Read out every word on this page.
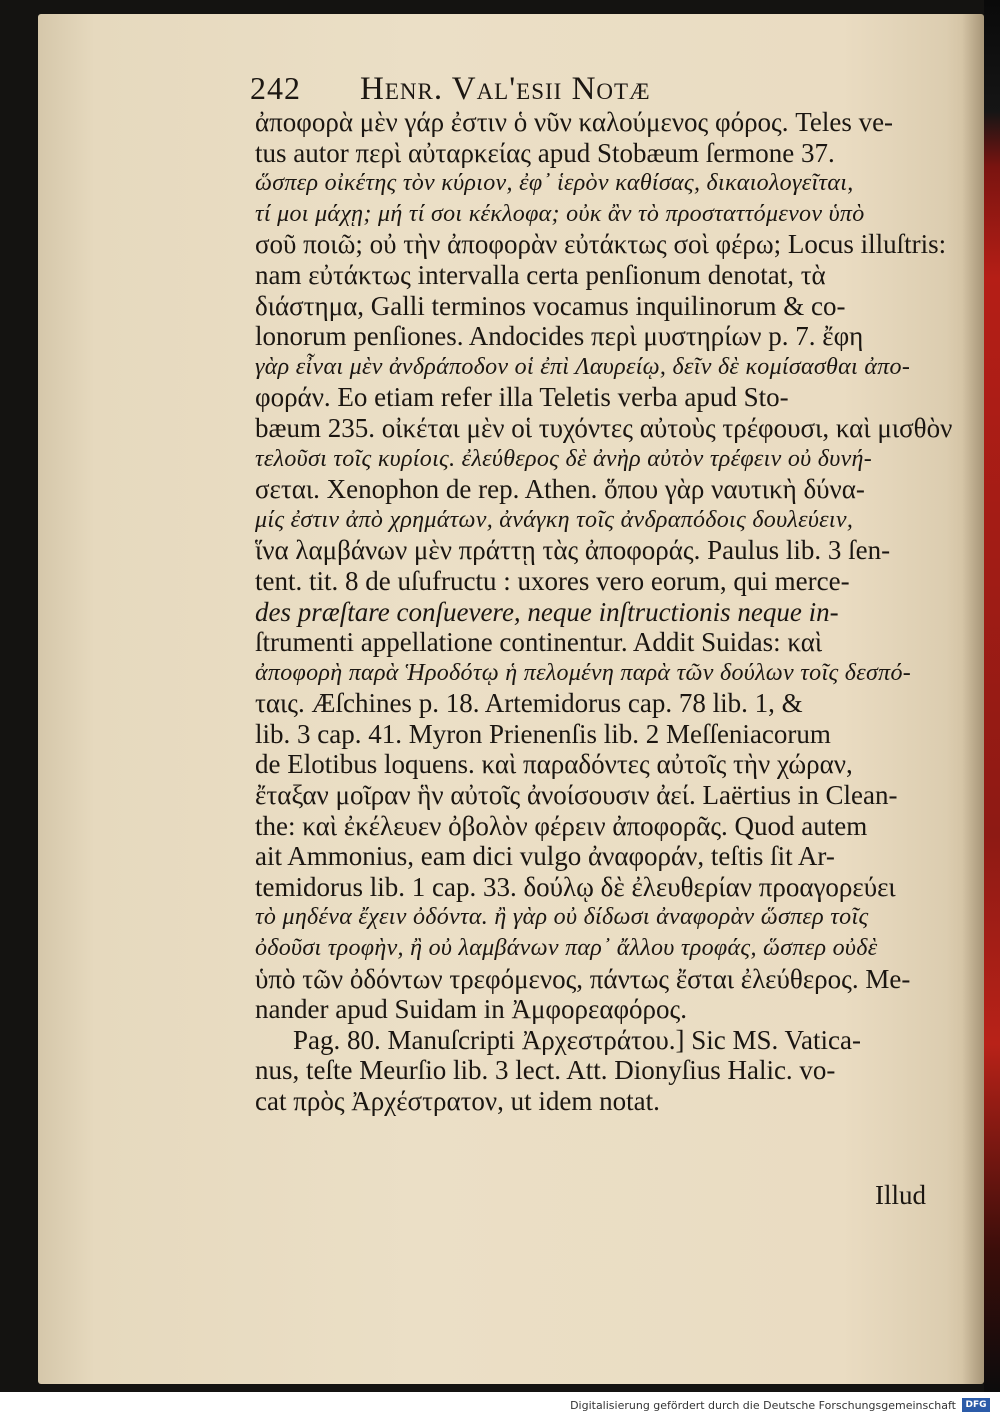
242	Henr. Val'esii Notæ
ἀποφορὰ μὲν γάρ ἐστιν ὁ νῦν καλούμενος φόρος. Teles ve-
tus autor περὶ αὐταρκείας apud Stobæum ſermone 37.
ὥσπερ οἰκέτης τὸν κύριον, ἐφ᾽ ἱερὸν καθίσας, δικαιολογεῖται,
τί μοι μάχῃ; μή τί σοι κέκλοφα; οὐκ ἂν τὸ προσταττόμενον ὑπὸ
σοῦ ποιῶ; οὐ τὴν ἀποφορὰν εὐτάκτως σοὶ φέρω; Locus illuſtris:
nam εὐτάκτως intervalla certa penſionum denotat, τὰ
διάστημα, Galli terminos vocamus inquilinorum & co-
lonorum penſiones. Andocides περὶ μυστηρίων p. 7. ἔφη
γὰρ εἶναι μὲν ἀνδράποδον οἱ ἐπὶ Λαυρείῳ, δεῖν δὲ κομίσασθαι ἀπο-
φοράν. Eo etiam refer illa Teletis verba apud Sto-
bæum 235. οἰκέται μὲν οἱ τυχόντες αὐτοὺς τρέφουσι, καὶ μισθὸν
τελοῦσι τοῖς κυρίοις. ἐλεύθερος δὲ ἀνὴρ αὐτὸν τρέφειν οὐ δυνή-
σεται. Xenophon de rep. Athen. ὅπου γὰρ ναυτικὴ δύνα-
μίς ἐστιν ἀπὸ χρημάτων, ἀνάγκη τοῖς ἀνδραπόδοις δουλεύειν,
ἵνα λαμβάνων μὲν πράττῃ τὰς ἀποφοράς. Paulus lib. 3 ſen-
tent. tit. 8 de uſufructu : uxores vero eorum, qui merce-
des præſtare conſuevere, neque inſtructionis neque in-
ſtrumenti appellatione continentur. Addit Suidas: καὶ
ἀποφορὴ παρὰ Ἡροδότῳ ἡ πελομένη παρὰ τῶν δούλων τοῖς δεσπό-
ταις. Æſchines p. 18. Artemidorus cap. 78 lib. 1, &
lib. 3 cap. 41. Myron Prienenſis lib. 2 Meſſeniacorum
de Elotibus loquens. καὶ παραδόντες αὐτοῖς τὴν χώραν,
ἔταξαν μοῖραν ἣν αὐτοῖς ἀνοίσουσιν ἀεί. Laërtius in Clean-
the: καὶ ἐκέλευεν ὀβολὸν φέρειν ἀποφορᾶς. Quod autem
ait Ammonius, eam dici vulgo ἀναφοράν, teſtis ſit Ar-
temidorus lib. 1 cap. 33. δούλῳ δὲ ἐλευθερίαν προαγορεύει
τὸ μηδένα ἔχειν ὀδόντα. ἢ γὰρ οὐ δίδωσι ἀναφορὰν ὥσπερ τοῖς
ὀδοῦσι τροφὴν, ἢ οὐ λαμβάνων παρ᾽ ἄλλου τροφάς, ὥσπερ οὐδὲ
ὑπὸ τῶν ὀδόντων τρεφόμενος, πάντως ἔσται ἐλεύθερος. Me-
nander apud Suidam in Ἀμφορεαφόρος.
Pag. 80. Manuſcripti Ἀρχεστράτου.] Sic MS. Vatica-
nus, teſte Meurſio lib. 3 lect. Att. Dionyſius Halic. vo-
cat πρὸς Ἀρχέστρατον, ut idem notat.
Illud
Digitalisierung gefördert durch die Deutsche Forschungsgemeinschaft	DFG
